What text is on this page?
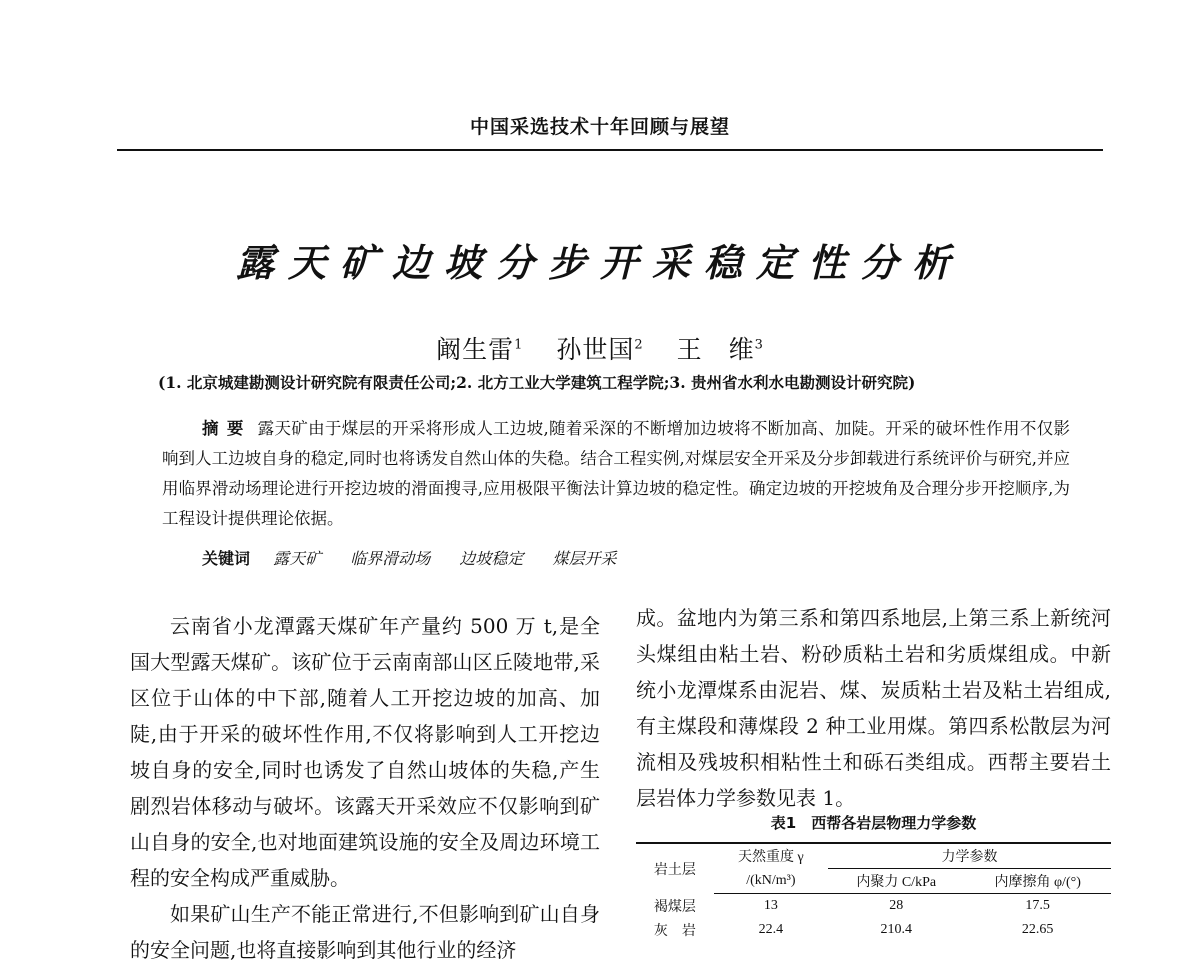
中国采选技术十年回顾与展望
露天矿边坡分步开采稳定性分析
阚生雷$^1$ 孙世国$^2$ 王　维$^3$
(1. 北京城建勘测设计研究院有限责任公司;2. 北方工业大学建筑工程学院;3. 贵州省水利水电勘测设计研究院)
摘要 露天矿由于煤层的开采将形成人工边坡,随着采深的不断增加边坡将不断加高、加陡。开采的破坏性作用不仅影响到人工边坡自身的稳定,同时也将诱发自然山体的失稳。结合工程实例,对煤层安全开采及分步卸载进行系统评价与研究,并应用临界滑动场理论进行开挖边坡的滑面搜寻,应用极限平衡法计算边坡的稳定性。确定边坡的开挖坡角及合理分步开挖顺序,为工程设计提供理论依据。
关键词 露天矿 临界滑动场 边坡稳定 煤层开采

云南省小龙潭露天煤矿年产量约 500 万 t,是全国大型露天煤矿。该矿位于云南南部山区丘陵地带,采区位于山体的中下部,随着人工开挖边坡的加高、加陡,由于开采的破坏性作用,不仅将影响到人工开挖边坡自身的安全,同时也诱发了自然山坡体的失稳,产生剧烈岩体移动与破坏。该露天开采效应不仅影响到矿山自身的安全,也对地面建筑设施的安全及周边环境工程的安全构成严重威胁。

如果矿山生产不能正常进行,不但影响到矿山自身的安全问题,也将直接影响到其他行业的经济

成。盆地内为第三系和第四系地层,上第三系上新统河头煤组由粘土岩、粉砂质粘土岩和劣质煤组成。中新统小龙潭煤系由泥岩、煤、炭质粘土岩及粘土岩组成,有主煤段和薄煤段 2 种工业用煤。第四系松散层为河流相及残坡积相粘性土和砾石类组成。西帮主要岩土层岩体力学参数见表 1。

表1　西帮各岩层物理力学参数
岩土层	天然重度 γ	力学参数	
	/(kN/m³)	内聚力 C/kPa	内摩擦角 φ/(°)
褐煤层	13	28	17.5
灰　岩	22.4	210.4	22.65
